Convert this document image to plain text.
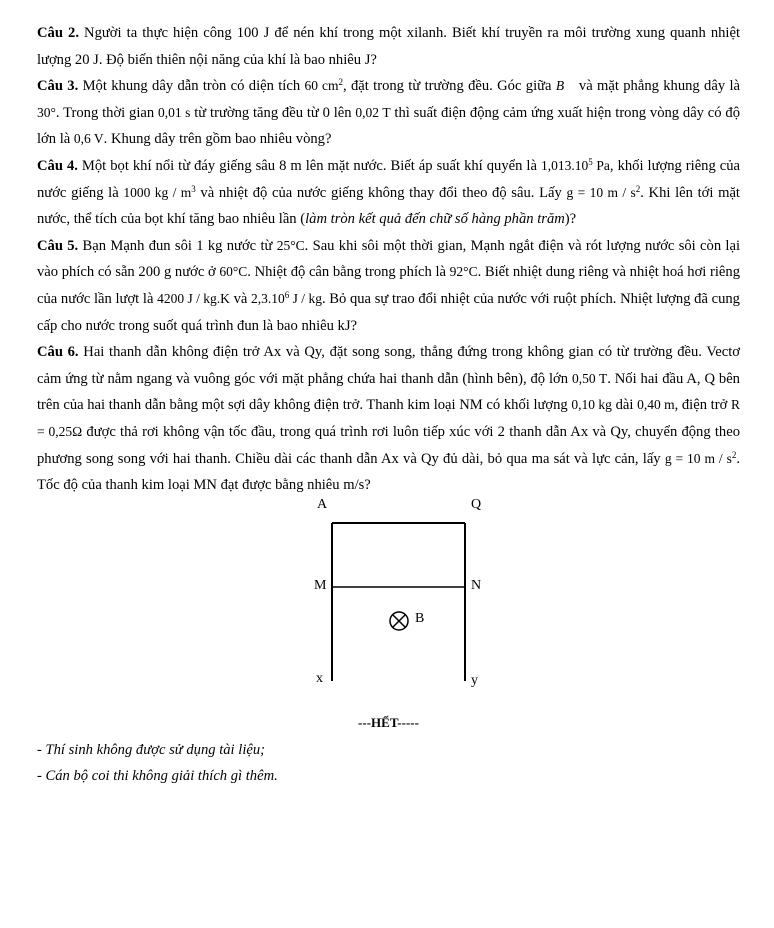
Câu 2. Người ta thực hiện công 100 J để nén khí trong một xilanh. Biết khí truyền ra môi trường xung quanh nhiệt lượng 20 J. Độ biến thiên nội năng của khí là bao nhiêu J?

Câu 3. Một khung dây dẫn tròn có diện tích 60 $cm^2$, đặt trong từ trường đều. Góc giữa B⃗ và mặt phẳng khung dây là 30°. Trong thời gian 0,01 s từ trường tăng đều từ 0 lên 0,02 T thì suất điện động cảm ứng xuất hiện trong vòng dây có độ lớn là 0,6 V. Khung dây trên gồm bao nhiêu vòng?

Câu 4. Một bọt khí nổi từ đáy giếng sâu 8 m lên mặt nước. Biết áp suất khí quyển là 1,013.10$^5$ Pa, khối lượng riêng của nước giếng là 1000 kg / $m^3$ và nhiệt độ của nước giếng không thay đổi theo độ sâu. Lấy g = 10 m / $s^2$. Khi lên tới mặt nước, thể tích của bọt khí tăng bao nhiêu lần (làm tròn kết quả đến chữ số hàng phần trăm)?

Câu 5. Bạn Mạnh đun sôi 1 kg nước từ 25°C. Sau khi sôi một thời gian, Mạnh ngắt điện và rót lượng nước sôi còn lại vào phích có sẵn 200 g nước ở 60°C. Nhiệt độ cân bằng trong phích là 92°C. Biết nhiệt dung riêng và nhiệt hoá hơi riêng của nước lần lượt là 4200 J / kg.K và 2,3.10$^6$ J / kg. Bỏ qua sự trao đổi nhiệt của nước với ruột phích. Nhiệt lượng đã cung cấp cho nước trong suốt quá trình đun là bao nhiêu kJ?

Câu 6. Hai thanh dẫn không điện trở Ax và Qy, đặt song song, thẳng đứng trong không gian có từ trường đều. Vectơ cảm ứng từ nằm ngang và vuông góc với mặt phẳng chứa hai thanh dẫn (hình bên), độ lớn 0,50 T. Nối hai đầu A, Q bên trên của hai thanh dẫn bằng một sợi dây không điện trở. Thanh kim loại NM có khối lượng 0,10 kg dài 0,40 m, điện trở R = 0,25Ω được thả rơi không vận tốc đầu, trong quá trình rơi luôn tiếp xúc với 2 thanh dẫn Ax và Qy, chuyển động theo phương song song với hai thanh. Chiều dài các thanh dẫn Ax và Qy đủ dài, bỏ qua ma sát và lực cản, lấy g = 10 m / $s^2$. Tốc độ của thanh kim loại MN đạt được bằng nhiêu m/s?

A	Q
M	N
B
x	y
---HẾT-----

- Thí sinh không được sử dụng tài liệu;

- Cán bộ coi thi không giải thích gì thêm.
